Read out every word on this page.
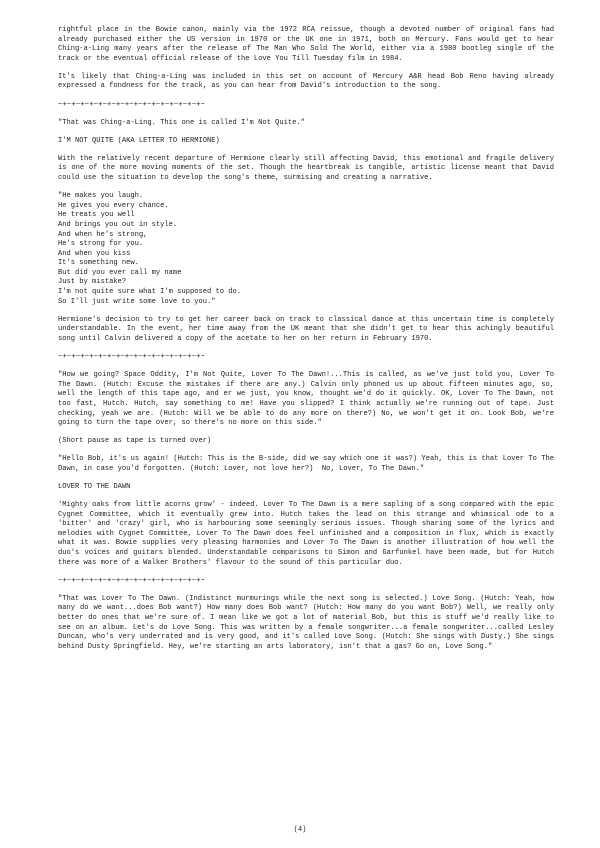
rightful place in the Bowie canon, mainly via the 1972 RCA reissue, though a devoted number of original fans had already purchased either the US version in 1970 or the UK one in 1971, both on Mercury. Fans would get to hear Ching-a-Ling many years after the release of The Man Who Sold The World, either via a 1980 bootleg single of the track or the eventual official release of the Love You Till Tuesday film in 1984.

It's likely that Ching-a-Ling was included in this set on account of Mercury A&R head Bob Reno having already expressed a fondness for the track, as you can hear from David's introduction to the song.

~+~+~+~+~+~+~+~+~+~+~+~+~+~+~+~+~

"That was Ching-a-Ling. This one is called I'm Not Quite."

I'M NOT QUITE (AKA LETTER TO HERMIONE)

With the relatively recent departure of Hermione clearly still affecting David, this emotional and fragile delivery is one of the more moving moments of the set. Though the heartbreak is tangible, artistic license meant that David could use the situation to develop the song's theme, surmising and creating a narrative.

"He makes you laugh.
He gives you every chance.
He treats you well
And brings you out in style.
And when he's strong,
He's strong for you.
And when you kiss
It's something new.
But did you ever call my name
Just by mistake?
I'm not quite sure what I'm supposed to do.
So I'll just write some love to you."

Hermione's decision to try to get her career back on track to classical dance at this uncertain time is completely understandable. In the event, her time away from the UK meant that she didn't get to hear this achingly beautiful song until Calvin delivered a copy of the acetate to her on her return in February 1970.

~+~+~+~+~+~+~+~+~+~+~+~+~+~+~+~+~

"How we going? Space Oddity, I'm Not Quite, Lover To The Dawn!...This is called, as we've just told you, Lover To The Dawn. (Hutch: Excuse the mistakes if there are any.) Calvin only phoned us up about fifteen minutes ago, so, well the length of this tape ago, and er we just, you know, thought we'd do it quickly. OK, Lover To The Dawn, not too fast, Hutch. Hutch, say something to me! Have you slipped? I think actually we're running out of tape. Just checking, yeah we are. (Hutch: Will we be able to do any more on there?) No, we won't get it on. Look Bob, we're going to turn the tape over, so there's no more on this side."

(Short pause as tape is turned over)

"Hello Bob, it's us again! (Hutch: This is the B-side, did we say which one it was?) Yeah, this is that Lover To The Dawn, in case you'd forgotten. (Hutch: Lover, not love her?)  No, Lover, To The Dawn."

LOVER TO THE DAWN

'Mighty oaks from little acorns grow' - indeed. Lover To The Dawn is a mere sapling of a song compared with the epic Cygnet Committee, which it eventually grew into. Hutch takes the lead on this strange and whimsical ode to a 'bitter' and 'crazy' girl, who is harbouring some seemingly serious issues. Though sharing some of the lyrics and melodies with Cygnet Committee, Lover To The Dawn does feel unfinished and a composition in flux, which is exactly what it was. Bowie supplies very pleasing harmonies and Lover To The Dawn is another illustration of how well the duo's voices and guitars blended. Understandable comparisons to Simon and Garfunkel have been made, but for Hutch there was more of a Walker Brothers' flavour to the sound of this particular duo.

~+~+~+~+~+~+~+~+~+~+~+~+~+~+~+~+~

"That was Lover To The Dawn. (Indistinct murmurings while the next song is selected.) Love Song. (Hutch: Yeah, how many do we want...does Bob want?) How many does Bob want? (Hutch: How many do you want Bob?) Well, we really only better do ones that we're sure of. I mean like we got a lot of material Bob, but this is stuff we'd really like to see on an album. Let's do Love Song. This was written by a female songwriter...a female songwriter...called Lesley Duncan, who's very underrated and is very good, and it's called Love Song. (Hutch: She sings with Dusty.) She sings behind Dusty Springfield. Hey, we're starting an arts laboratory, isn't that a gas? Go on, Love Song."

(4)
